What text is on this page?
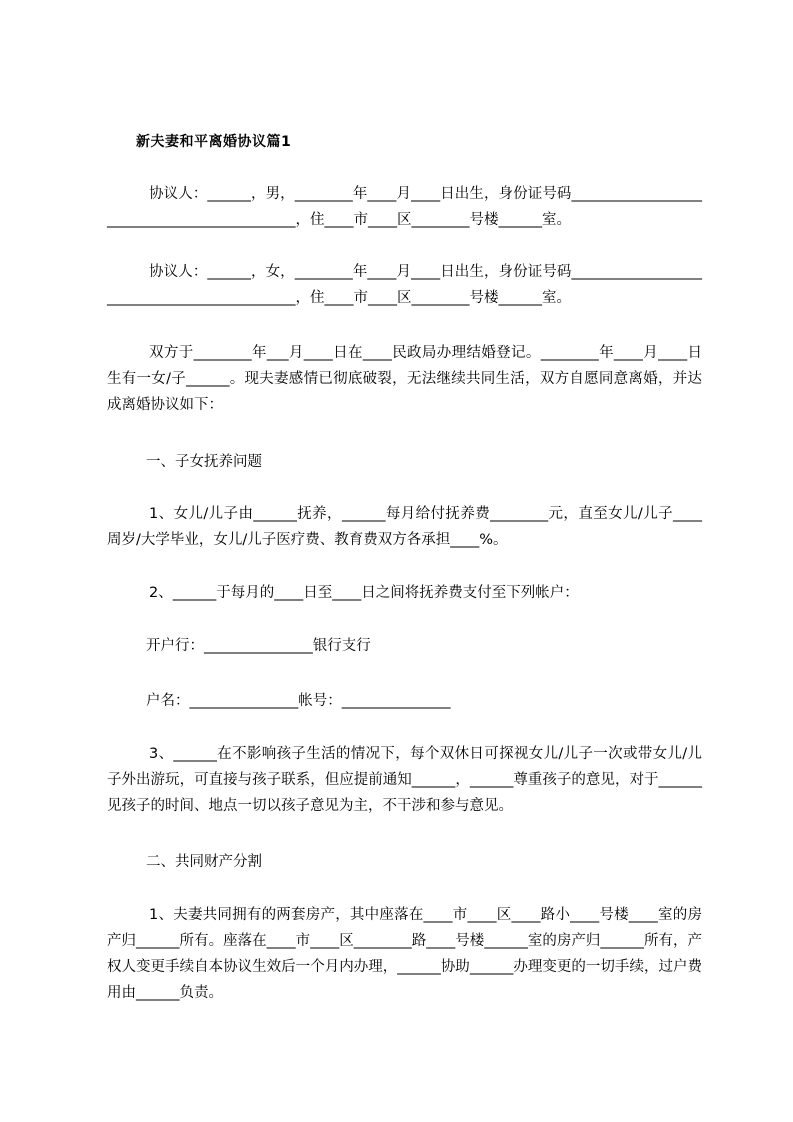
新夫妻和平离婚协议篇1

协议人：______，男，________年____月____日出生，身份证号码____________________________________________，住____市____区________号楼______室。

协议人：______，女，________年____月____日出生，身份证号码____________________________________________，住____市____区________号楼______室。

双方于________年___月____日在____民政局办理结婚登记。________年____月____日生有一女/子______。现夫妻感情已彻底破裂，无法继续共同生活，双方自愿同意离婚，并达成离婚协议如下：

一、子女抚养问题

1、女儿/儿子由______抚养，______每月给付抚养费________元，直至女儿/儿子____周岁/大学毕业，女儿/儿子医疗费、教育费双方各承担____%。

2、______于每月的____日至____日之间将抚养费支付至下列帐户：

开户行：_______________银行支行
户名：_______________帐号：_______________

3、______在不影响孩子生活的情况下，每个双休日可探视女儿/儿子一次或带女儿/儿子外出游玩，可直接与孩子联系，但应提前通知______，______尊重孩子的意见，对于______见孩子的时间、地点一切以孩子意见为主，不干涉和参与意见。

二、共同财产分割

1、夫妻共同拥有的两套房产，其中座落在____市____区____路小____号楼____室的房产归______所有。座落在____市____区________路____号楼______室的房产归______所有，产权人变更手续自本协议生效后一个月内办理，______协助______办理变更的一切手续，过户费用由______负责。
